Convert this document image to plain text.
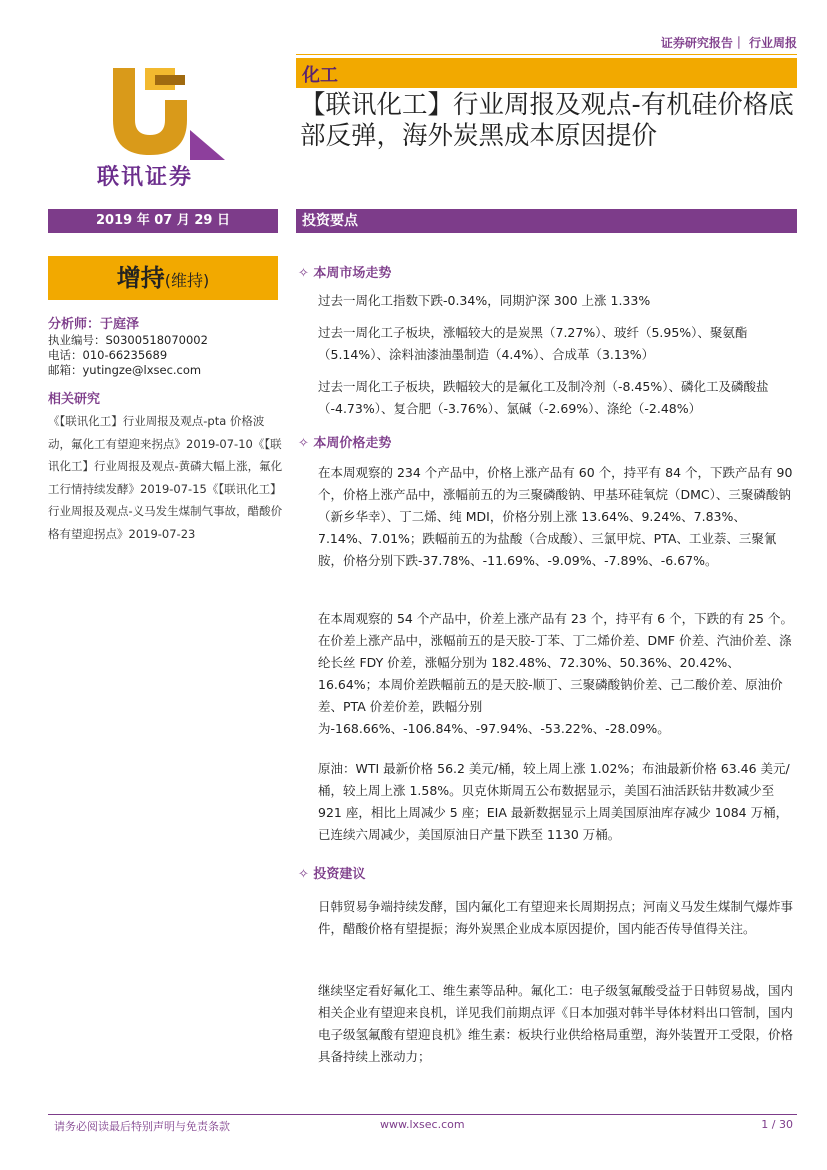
证券研究报告｜ 行业周报
联讯证券
化工
【联讯化工】行业周报及观点-有机硅价格底部反弹，海外炭黑成本原因提价
2019 年 07 月 29 日	投资要点
增持(维持)
分析师：于庭泽
执业编号：S0300518070002
电话：010-66235689
邮箱：yutingze@lxsec.com
相关研究
《【联讯化工】行业周报及观点-pta 价格波动，氟化工有望迎来拐点》2019-07-10《【联讯化工】行业周报及观点-黄磷大幅上涨，氟化工行情持续发酵》2019-07-15《【联讯化工】行业周报及观点-义马发生煤制气事故，醋酸价格有望迎拐点》2019-07-23
✧ 本周市场走势
过去一周化工指数下跌-0.34%，同期沪深 300 上涨 1.33%
过去一周化工子板块，涨幅较大的是炭黑（7.27%）、玻纤（5.95%）、聚氨酯（5.14%）、涂料油漆油墨制造（4.4%）、合成革（3.13%）
过去一周化工子板块，跌幅较大的是氟化工及制冷剂（-8.45%）、磷化工及磷酸盐（-4.73%）、复合肥（-3.76%）、氯碱（-2.69%）、涤纶（-2.48%）
✧ 本周价格走势
在本周观察的 234 个产品中，价格上涨产品有 60 个，持平有 84 个，下跌产品有 90 个，价格上涨产品中，涨幅前五的为三聚磷酸钠、甲基环硅氧烷（DMC）、三聚磷酸钠（新乡华幸）、丁二烯、纯 MDI，价格分别上涨 13.64%、9.24%、7.83%、7.14%、7.01%；跌幅前五的为盐酸（合成酸）、三氯甲烷、PTA、工业萘、三聚氰胺，价格分别下跌-37.78%、-11.69%、-9.09%、-7.89%、-6.67%。
在本周观察的 54 个产品中，价差上涨产品有 23 个，持平有 6 个，下跌的有 25 个。在价差上涨产品中，涨幅前五的是天胶-丁苯、丁二烯价差、DMF 价差、汽油价差、涤纶长丝 FDY 价差，涨幅分别为 182.48%、72.30%、50.36%、20.42%、16.64%；本周价差跌幅前五的是天胶-顺丁、三聚磷酸钠价差、己二酸价差、原油价差、PTA 价差价差，跌幅分别为-168.66%、-106.84%、-97.94%、-53.22%、-28.09%。
原油：WTI 最新价格 56.2 美元/桶，较上周上涨 1.02%；布油最新价格 63.46 美元/桶，较上周上涨 1.58%。贝克休斯周五公布数据显示，美国石油活跃钻井数减少至 921 座，相比上周减少 5 座；EIA 最新数据显示上周美国原油库存减少 1084 万桶，已连续六周减少，美国原油日产量下跌至 1130 万桶。
✧ 投资建议
日韩贸易争端持续发酵，国内氟化工有望迎来长周期拐点；河南义马发生煤制气爆炸事件，醋酸价格有望提振；海外炭黑企业成本原因提价，国内能否传导值得关注。
继续坚定看好氟化工、维生素等品种。氟化工：电子级氢氟酸受益于日韩贸易战，国内相关企业有望迎来良机，详见我们前期点评《日本加强对韩半导体材料出口管制，国内电子级氢氟酸有望迎良机》维生素：板块行业供给格局重塑，海外装置开工受限，价格具备持续上涨动力；
请务必阅读最后特别声明与免责条款	www.lxsec.com	1 / 30
